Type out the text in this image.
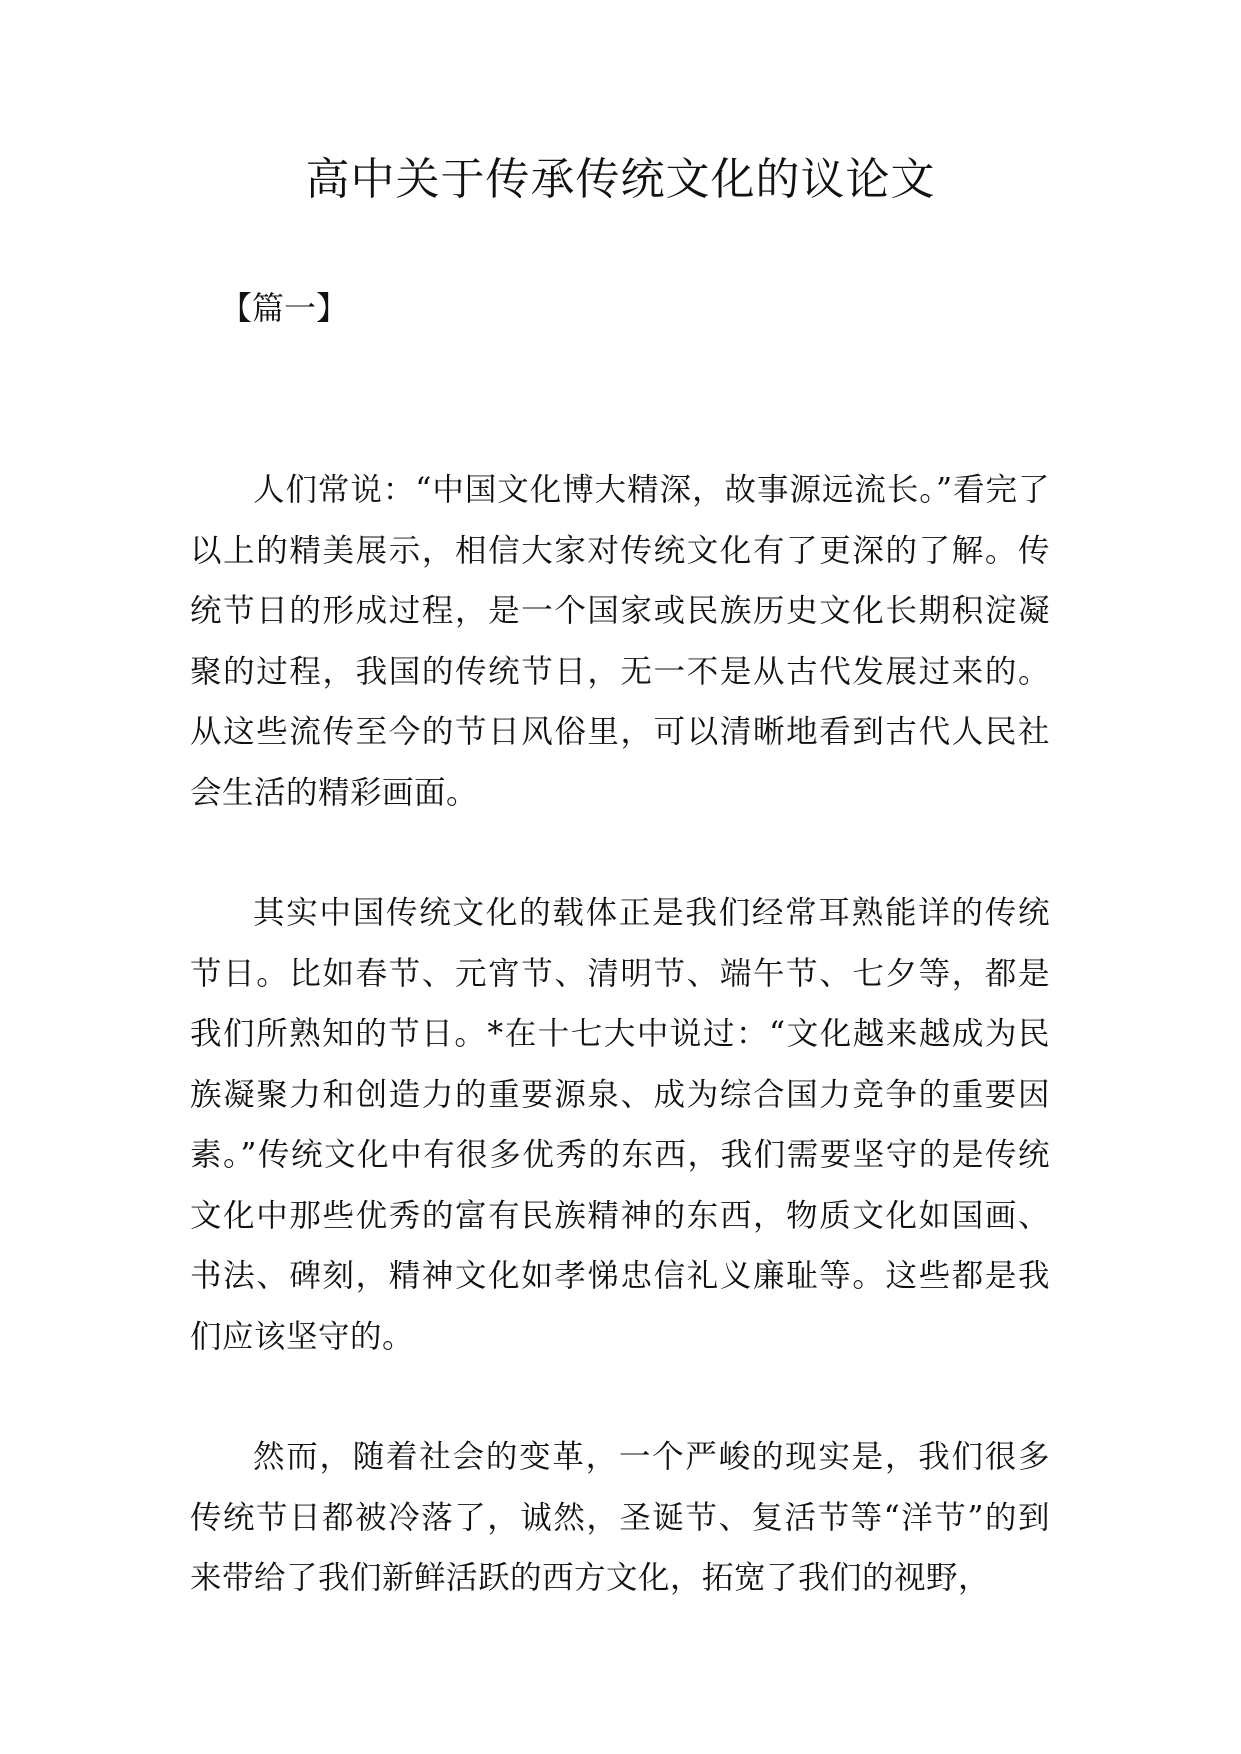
高中关于传承传统文化的议论文
【篇一】

人们常说：“中国文化博大精深，故事源远流长。”看完了以上的精美展示，相信大家对传统文化有了更深的了解。传统节日的形成过程，是一个国家或民族历史文化长期积淀凝聚的过程，我国的传统节日，无一不是从古代发展过来的。从这些流传至今的节日风俗里，可以清晰地看到古代人民社会生活的精彩画面。

其实中国传统文化的载体正是我们经常耳熟能详的传统节日。比如春节、元宵节、清明节、端午节、七夕等，都是我们所熟知的节日。*在十七大中说过：“文化越来越成为民族凝聚力和创造力的重要源泉、成为综合国力竞争的重要因素。”传统文化中有很多优秀的东西，我们需要坚守的是传统文化中那些优秀的富有民族精神的东西，物质文化如国画、书法、碑刻，精神文化如孝悌忠信礼义廉耻等。这些都是我们应该坚守的。

然而，随着社会的变革，一个严峻的现实是，我们很多传统节日都被冷落了，诚然，圣诞节、复活节等“洋节”的到来带给了我们新鲜活跃的西方文化，拓宽了我们的视野，
